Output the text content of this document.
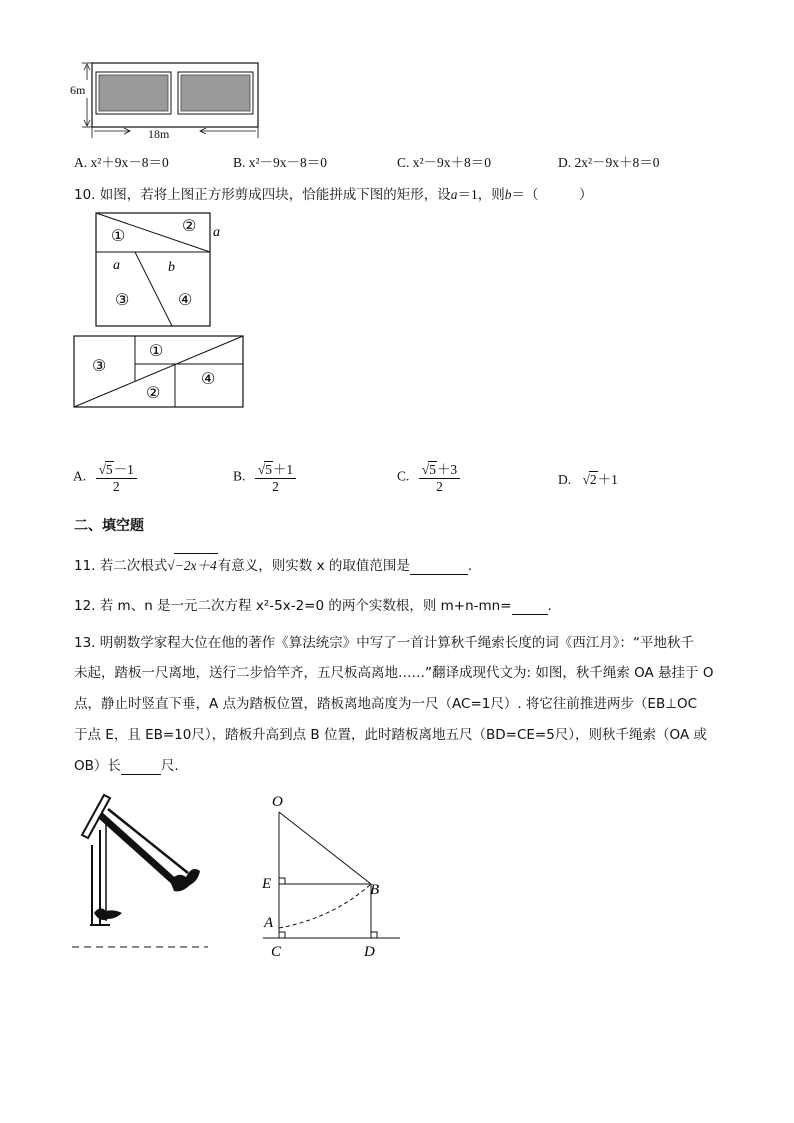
6m
18m
A. x²＋9x－8＝0	B. x²－9x－8＝0	C. x²－9x＋8＝0	D. 2x²－9x＋8＝0
10. 如图，若将上图正方形剪成四块，恰能拼成下图的矩形，设a＝1，则b＝（　　　）
①
②
③	④
a
a	b
③
①
②
④
A. $\frac{√5-1}{2}$	B. $\frac{√5+1}{2}$	C. $\frac{√5+3}{2}$	D. √2＋1
二、填空题
11. 若二次根式√−2x＋4有意义，则实数 x 的取值范围是	.
12. 若 m、n 是一元二次方程 x²-5x-2=0 的两个实数根，则 m+n-mn=	.
13. 明朝数学家程大位在他的著作《算法统宗》中写了一首计算秋千绳索长度的词《西江月》：“平地秋千
未起，踏板一尺离地，送行二步恰竿齐，五尺板高离地……”翻译成现代文为: 如图，秋千绳索 OA 悬挂于 O
点，静止时竖直下垂，A 点为踏板位置，踏板离地高度为一尺（AC=1尺）. 将它往前推进两步（EB⊥OC
于点 E，且 EB=10尺），踏板升高到点 B 位置，此时踏板离地五尺（BD=CE=5尺），则秋千绳索（OA 或
OB）长	尺.
O
E	B
A
C	D
